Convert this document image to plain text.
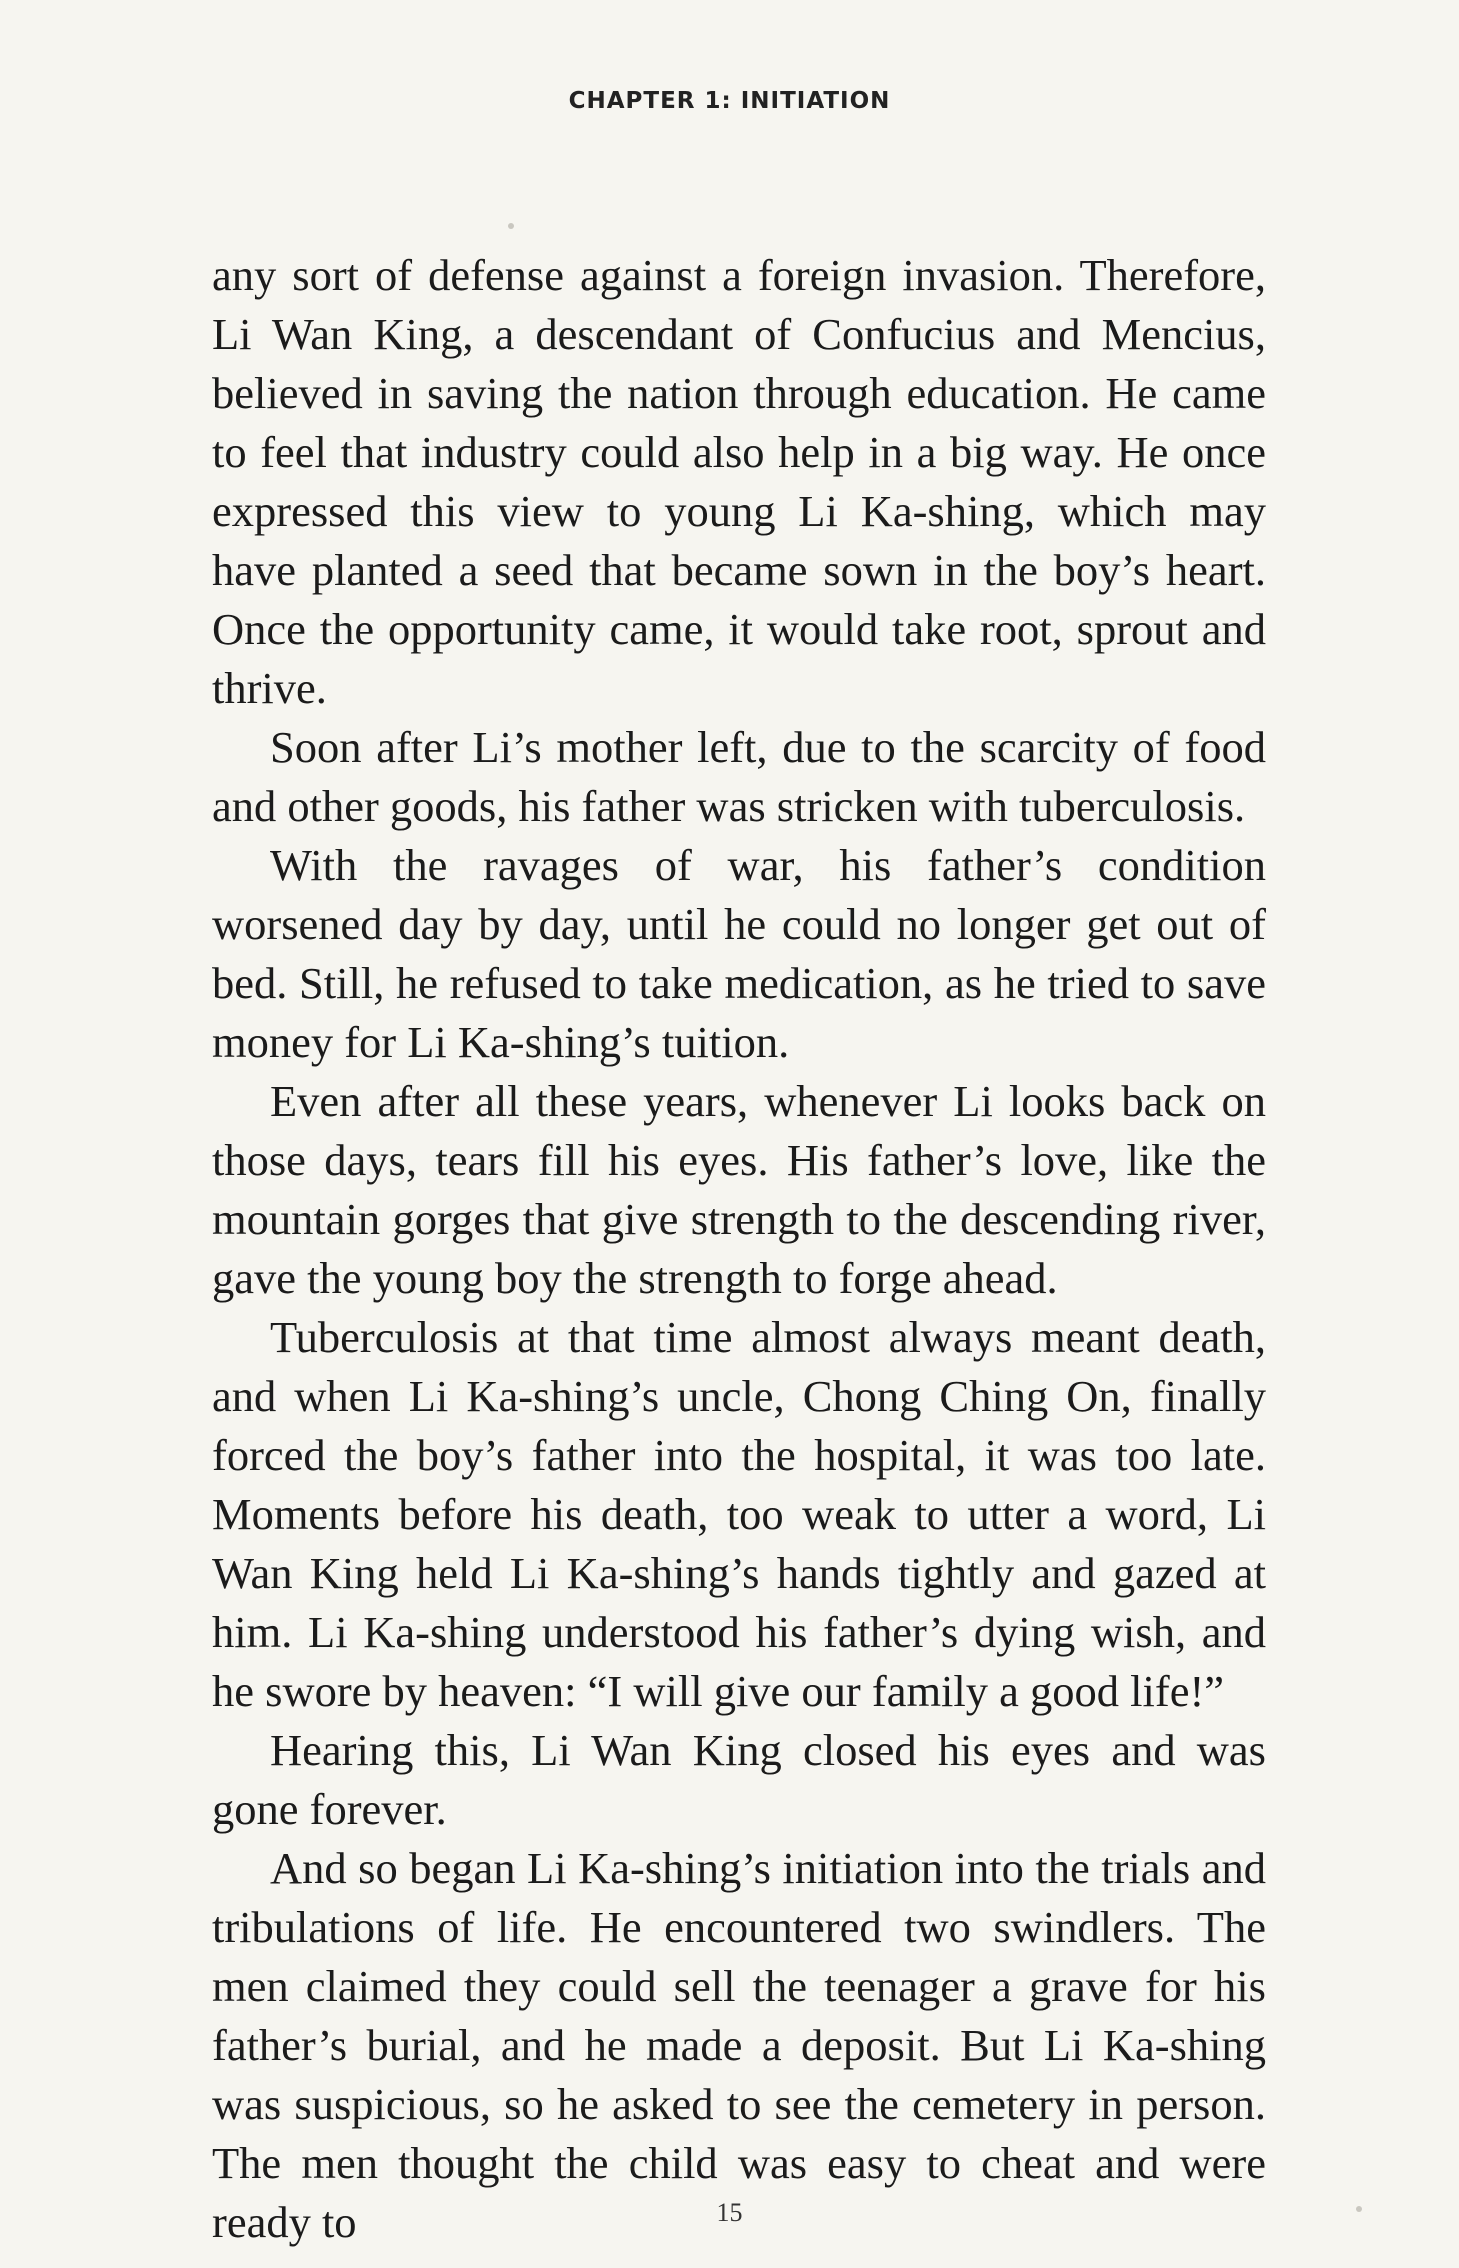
CHAPTER 1: INITIATION

any sort of defense against a foreign invasion. Therefore, Li Wan King, a descendant of Confucius and Mencius, believed in saving the nation through education. He came to feel that industry could also help in a big way. He once expressed this view to young Li Ka-shing, which may have planted a seed that became sown in the boy’s heart. Once the opportunity came, it would take root, sprout and thrive.

Soon after Li’s mother left, due to the scarcity of food and other goods, his father was stricken with tuberculosis.

With the ravages of war, his father’s condition worsened day by day, until he could no longer get out of bed. Still, he refused to take medication, as he tried to save money for Li Ka-shing’s tuition.

Even after all these years, whenever Li looks back on those days, tears fill his eyes. His father’s love, like the mountain gorges that give strength to the descending river, gave the young boy the strength to forge ahead.

Tuberculosis at that time almost always meant death, and when Li Ka-shing’s uncle, Chong Ching On, finally forced the boy’s father into the hospital, it was too late. Moments before his death, too weak to utter a word, Li Wan King held Li Ka-shing’s hands tightly and gazed at him. Li Ka-shing understood his father’s dying wish, and he swore by heaven: “I will give our family a good life!”

Hearing this, Li Wan King closed his eyes and was gone forever.

And so began Li Ka-shing’s initiation into the trials and tribulations of life. He encountered two swindlers. The men claimed they could sell the teenager a grave for his father’s burial, and he made a deposit. But Li Ka-shing was suspicious, so he asked to see the cemetery in person. The men thought the child was easy to cheat and were ready to	15
